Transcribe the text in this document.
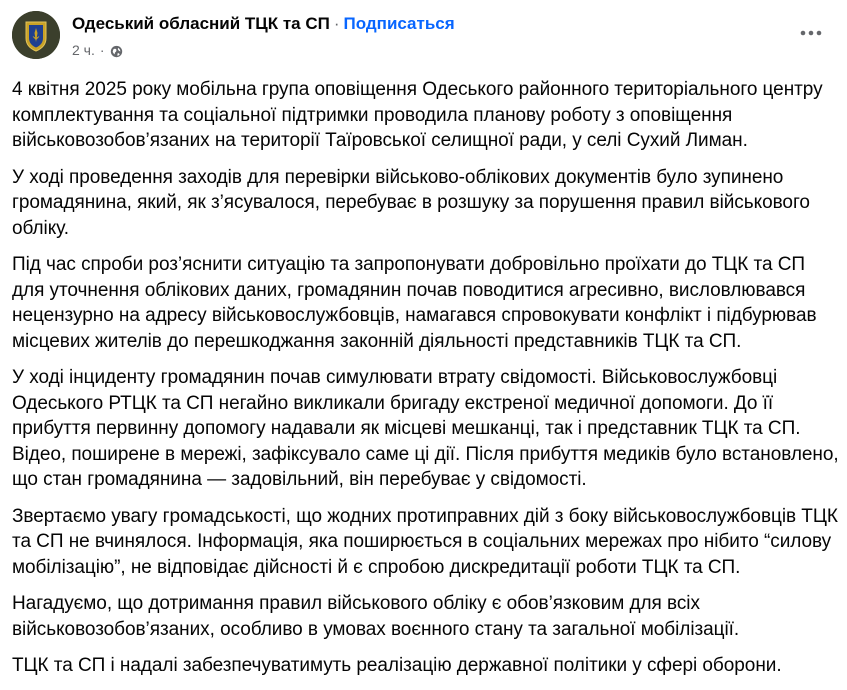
Одеський обласний ТЦК та СП · Подписаться
2 ч. ·

4 квітня 2025 року мобільна група оповіщення Одеського районного територіального центру комплектування та соціальної підтримки проводила планову роботу з оповіщення військовозобов’язаних на території Таїровської селищної ради, у селі Сухий Лиман.

У ході проведення заходів для перевірки військово-облікових документів було зупинено громадянина, який, як з’ясувалося, перебуває в розшуку за порушення правил військового обліку.

Під час спроби роз’яснити ситуацію та запропонувати добровільно проїхати до ТЦК та СП для уточнення облікових даних, громадянин почав поводитися агресивно, висловлювався нецензурно на адресу військовослужбовців, намагався спровокувати конфлікт і підбурював місцевих жителів до перешкоджання законній діяльності представників ТЦК та СП.

У ході інциденту громадянин почав симулювати втрату свідомості. Військовослужбовці Одеського РТЦК та СП негайно викликали бригаду екстреної медичної допомоги. До її прибуття первинну допомогу надавали як місцеві мешканці, так і представник ТЦК та СП. Відео, поширене в мережі, зафіксувало саме ці дії. Після прибуття медиків було встановлено, що стан громадянина — задовільний, він перебуває у свідомості.

Звертаємо увагу громадськості, що жодних протиправних дій з боку військовослужбовців ТЦК та СП не вчинялося. Інформація, яка поширюється в соціальних мережах про нібито “силову мобілізацію”, не відповідає дійсності й є спробою дискредитації роботи ТЦК та СП.

Нагадуємо, що дотримання правил військового обліку є обов’язковим для всіх військовозобов’язаних, особливо в умовах воєнного стану та загальної мобілізації.

ТЦК та СП і надалі забезпечуватимуть реалізацію державної політики у сфері оборони.
